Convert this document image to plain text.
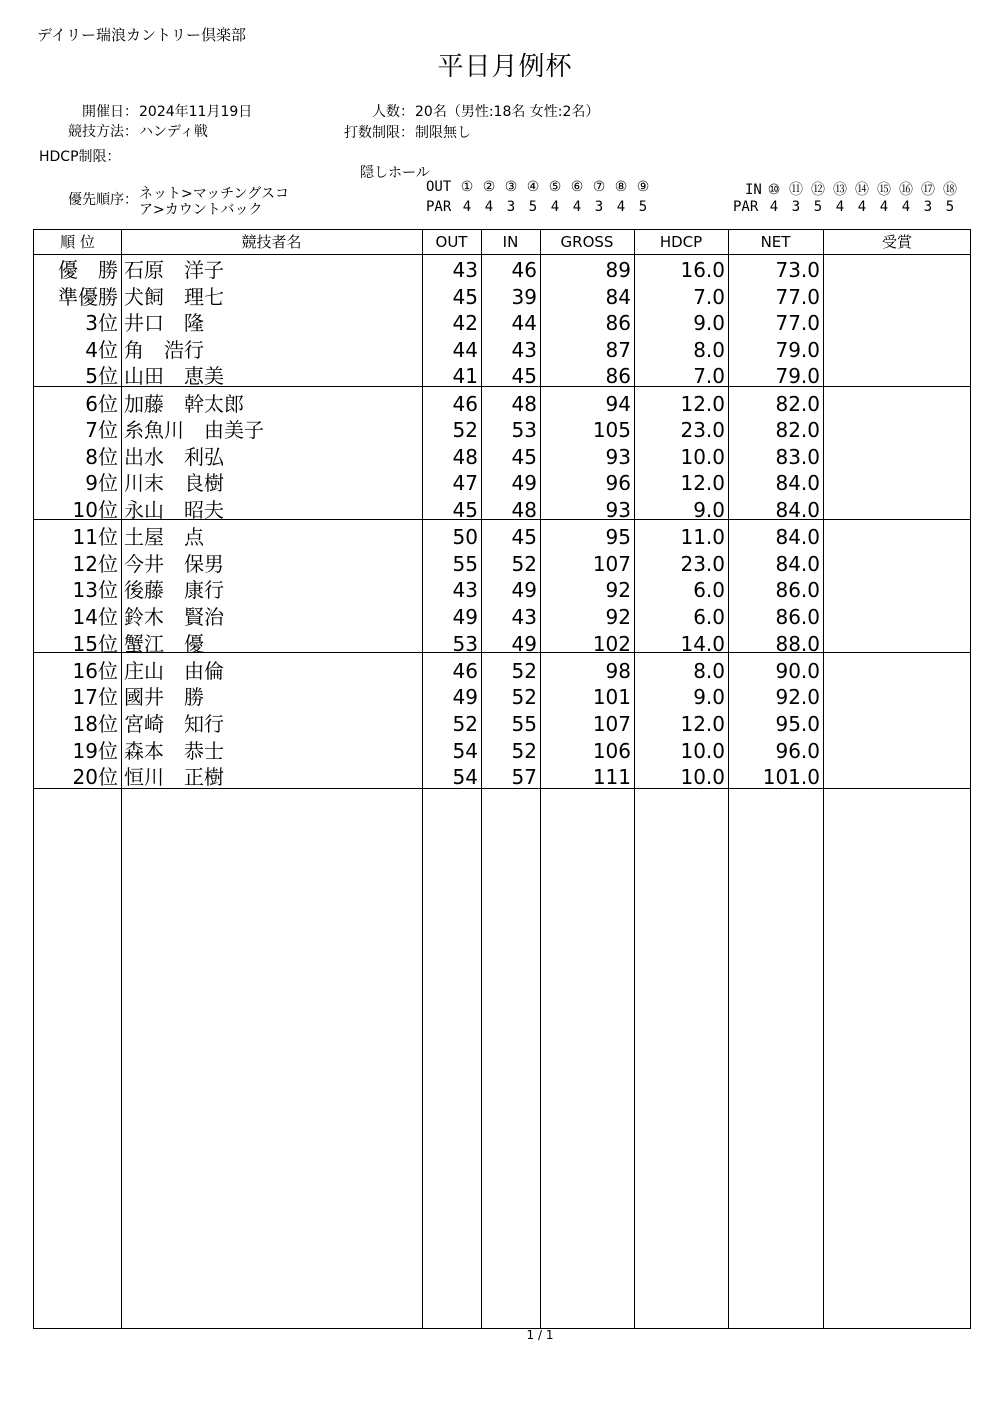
デイリー瑞浪カントリー倶楽部
平日月例杯
開催日： 2024年11月19日
競技方法： ハンディ戦
HDCP制限：
人数： 20名（男性:18名 女性:2名）
打数制限： 制限無し
優先順序： ネット>マッチングスコ
ア>カウントバック
隠しホール
OUT ① ② ③ ④ ⑤ ⑥ ⑦ ⑧ ⑨
PAR 4 4 3 5 4 4 3 4 5
IN ⑩ ⑪ ⑫ ⑬ ⑭ ⑮ ⑯ ⑰ ⑱
PAR 4 3 5 4 4 4 4 3 5
順 位	競技者名	OUT	IN	GROSS	HDCP	NET	受賞
優　勝 石原　洋子	43	46	89	16.0	73.0
準優勝 犬飼　理七	45	39	84	7.0	77.0
3位 井口　隆	42	44	86	9.0	77.0
4位 角　浩行	44	43	87	8.0	79.0
5位 山田　恵美	41	45	86	7.0	79.0
6位 加藤　幹太郎	46	48	94	12.0	82.0
7位 糸魚川　由美子	52	53	105	23.0	82.0
8位 出水　利弘	48	45	93	10.0	83.0
9位 川末　良樹	47	49	96	12.0	84.0
10位 永山　昭夫	45	48	93	9.0	84.0
11位 土屋　点	50	45	95	11.0	84.0
12位 今井　保男	55	52	107	23.0	84.0
13位 後藤　康行	43	49	92	6.0	86.0
14位 鈴木　賢治	49	43	92	6.0	86.0
15位 蟹江　優	53	49	102	14.0	88.0
16位 庄山　由倫	46	52	98	8.0	90.0
17位 國井　勝	49	52	101	9.0	92.0
18位 宮崎　知行	52	55	107	12.0	95.0
19位 森本　恭士	54	52	106	10.0	96.0
20位 恒川　正樹	54	57	111	10.0	101.0
1 / 1
